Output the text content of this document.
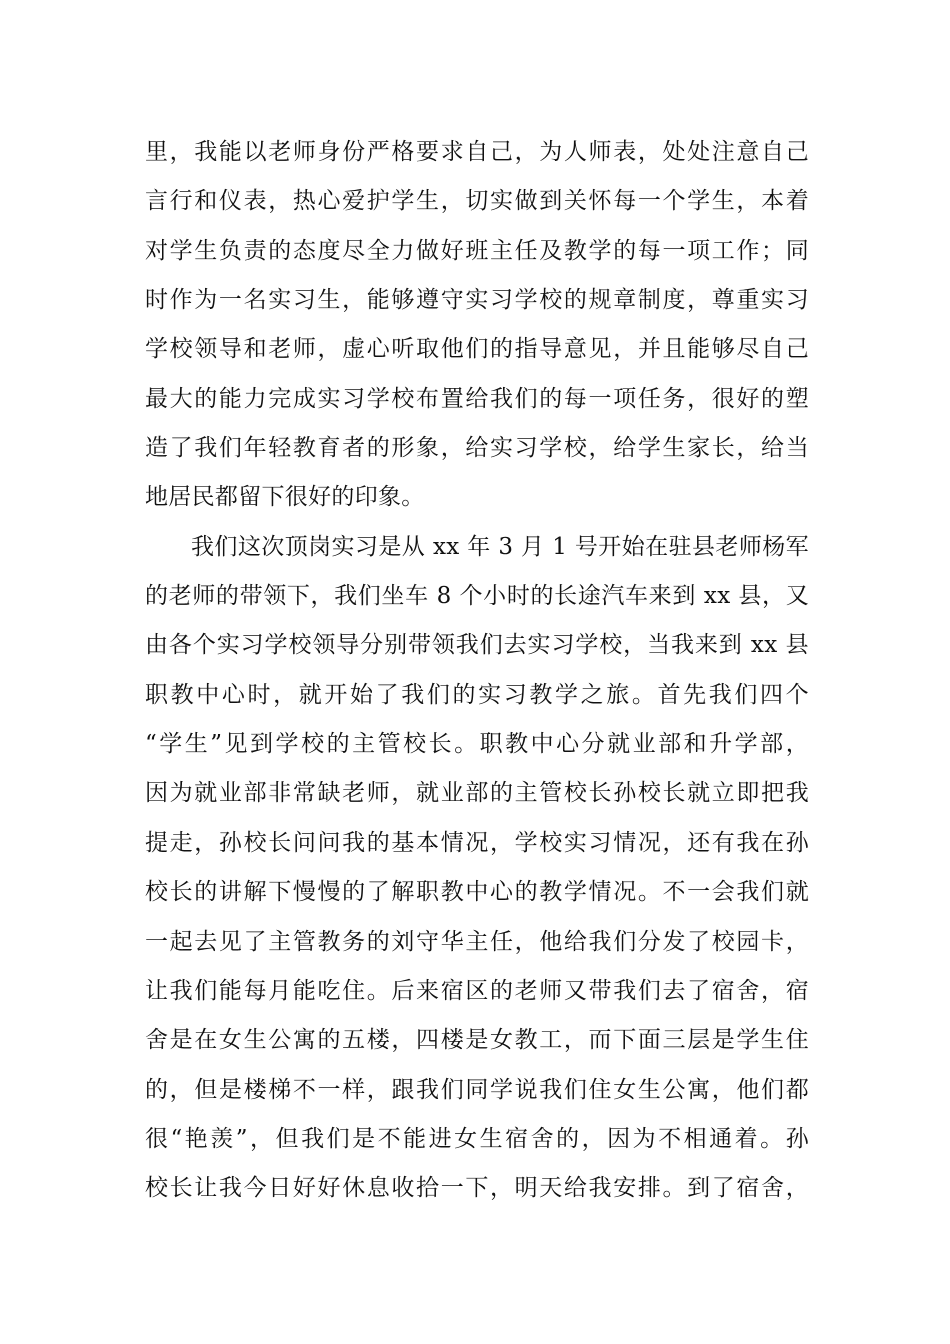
里，我能以老师身份严格要求自己，为人师表，处处注意自己
言行和仪表，热心爱护学生，切实做到关怀每一个学生，本着
对学生负责的态度尽全力做好班主任及教学的每一项工作；同
时作为一名实习生，能够遵守实习学校的规章制度，尊重实习
学校领导和老师，虚心听取他们的指导意见，并且能够尽自己
最大的能力完成实习学校布置给我们的每一项任务，很好的塑
造了我们年轻教育者的形象，给实习学校，给学生家长，给当
地居民都留下很好的印象。
我们这次顶岗实习是从 xx 年 3 月 1 号开始在驻县老师杨军
的老师的带领下，我们坐车 8 个小时的长途汽车来到 xx 县，又
由各个实习学校领导分别带领我们去实习学校，当我来到 xx 县
职教中心时，就开始了我们的实习教学之旅。首先我们四个
“学生”见到学校的主管校长。职教中心分就业部和升学部，
因为就业部非常缺老师，就业部的主管校长孙校长就立即把我
提走，孙校长问问我的基本情况，学校实习情况，还有我在孙
校长的讲解下慢慢的了解职教中心的教学情况。不一会我们就
一起去见了主管教务的刘守华主任，他给我们分发了校园卡，
让我们能每月能吃住。后来宿区的老师又带我们去了宿舍，宿
舍是在女生公寓的五楼，四楼是女教工，而下面三层是学生住
的，但是楼梯不一样，跟我们同学说我们住女生公寓，他们都
很“艳羡”，但我们是不能进女生宿舍的，因为不相通着。孙
校长让我今日好好休息收拾一下，明天给我安排。到了宿舍，
